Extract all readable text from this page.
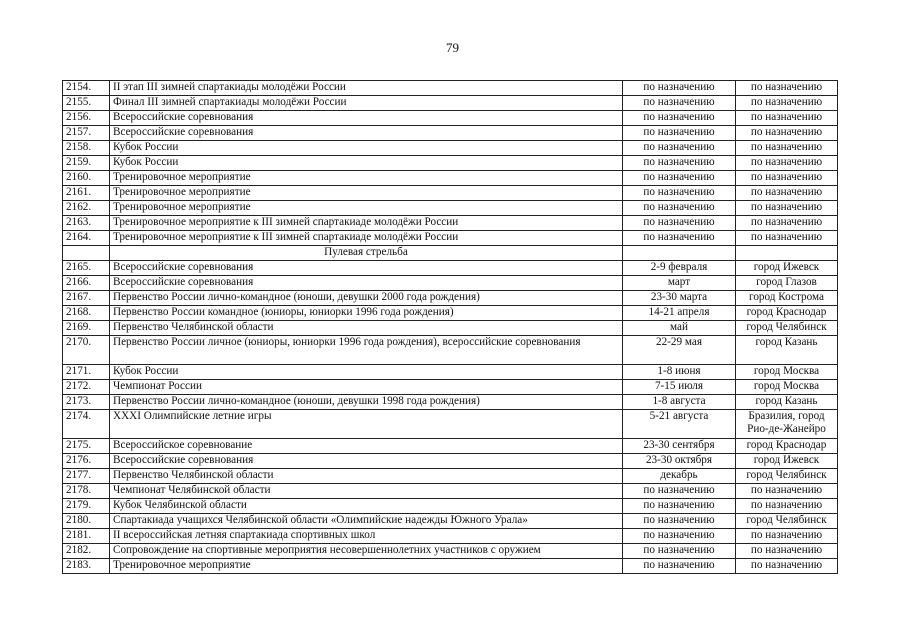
79
2154.	II этап III зимней спартакиады молодёжи России	по назначению	по назначению
2155.	Финал III зимней спартакиады молодёжи России	по назначению	по назначению
2156.	Всероссийские соревнования	по назначению	по назначению
2157.	Всероссийские соревнования	по назначению	по назначению
2158.	Кубок России	по назначению	по назначению
2159.	Кубок России	по назначению	по назначению
2160.	Тренировочное мероприятие	по назначению	по назначению
2161.	Тренировочное мероприятие	по назначению	по назначению
2162.	Тренировочное мероприятие	по назначению	по назначению
2163.	Тренировочное мероприятие к III зимней спартакиаде молодёжи России	по назначению	по назначению
2164.	Тренировочное мероприятие к III зимней спартакиаде молодёжи России	по назначению	по назначению
	Пулевая стрельба		
2165.	Всероссийские соревнования	2-9 февраля	город Ижевск
2166.	Всероссийские соревнования	март	город Глазов
2167.	Первенство России лично-командное (юноши, девушки 2000 года рождения)	23-30 марта	город Кострома
2168.	Первенство России командное (юниоры, юниорки 1996 года рождения)	14-21 апреля	город Краснодар
2169.	Первенство Челябинской области	май	город Челябинск
2170.	Первенство России личное (юниоры, юниорки 1996 года рождения), всероссийские соревнования	22-29 мая	город Казань
2171.	Кубок России	1-8 июня	город Москва
2172.	Чемпионат России	7-15 июля	город Москва
2173.	Первенство России лично-командное (юноши, девушки 1998 года рождения)	1-8 августа	город Казань
2174.	XXXI Олимпийские летние игры	5-21 августа	Бразилия, город Рио-де-Жанейро
2175.	Всероссийское соревнование	23-30 сентября	город Краснодар
2176.	Всероссийские соревнования	23-30 октября	город Ижевск
2177.	Первенство Челябинской области	декабрь	город Челябинск
2178.	Чемпионат Челябинской области	по назначению	по назначению
2179.	Кубок Челябинской области	по назначению	по назначению
2180.	Спартакиада учащихся Челябинской области «Олимпийские надежды Южного Урала»	по назначению	город Челябинск
2181.	II всероссийская летняя спартакиада спортивных школ	по назначению	по назначению
2182.	Сопровождение на спортивные мероприятия несовершеннолетних участников с оружием	по назначению	по назначению
2183.	Тренировочное мероприятие	по назначению	по назначению
